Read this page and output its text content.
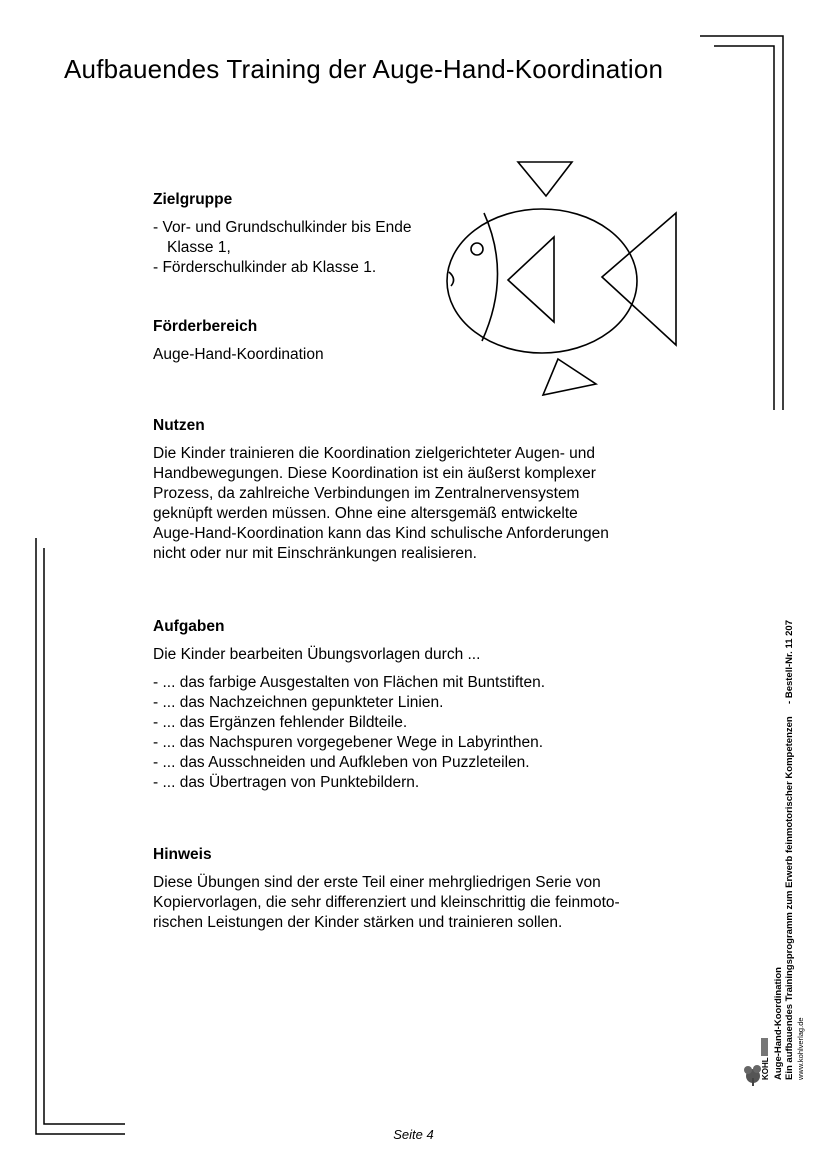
Aufbauendes Training der Auge-Hand-Koordination
Zielgruppe

- Vor- und Grundschulkinder bis Ende

Klasse 1,

- Förderschulkinder ab Klasse 1.

Förderbereich

Auge-Hand-Koordination

Nutzen

Die Kinder trainieren die Koordination zielgerichteter Augen- und

Handbewegungen. Diese Koordination ist ein äußerst komplexer

Prozess, da zahlreiche Verbindungen im Zentralnervensystem

geknüpft werden müssen. Ohne eine altersgemäß entwickelte

Auge-Hand-Koordination kann das Kind schulische Anforderungen

nicht oder nur mit Einschränkungen realisieren.

Aufgaben

Die Kinder bearbeiten Übungsvorlagen durch ...

- ... das farbige Ausgestalten von Flächen mit Buntstiften.
- ... das Nachzeichnen gepunkteter Linien.
- ... das Ergänzen fehlender Bildteile.
- ... das Nachspuren vorgegebener Wege in Labyrinthen.
- ... das Ausschneiden und Aufkleben von Puzzleteilen.
- ... das Übertragen von Punktebildern.
Hinweis

Diese Übungen sind der erste Teil einer mehrgliedrigen Serie von

Kopiervorlagen, die sehr differenziert und kleinschrittig die feinmoto-

rischen Leistungen der Kinder stärken und trainieren sollen.

Auge-Hand-Koordination Ein aufbauendes Trainingsprogramm zum Erwerb feinmotorischer Kompetenzen
- Bestell-Nr. 11 207
www.kohlverlag.de
KOHL
Seite 4
